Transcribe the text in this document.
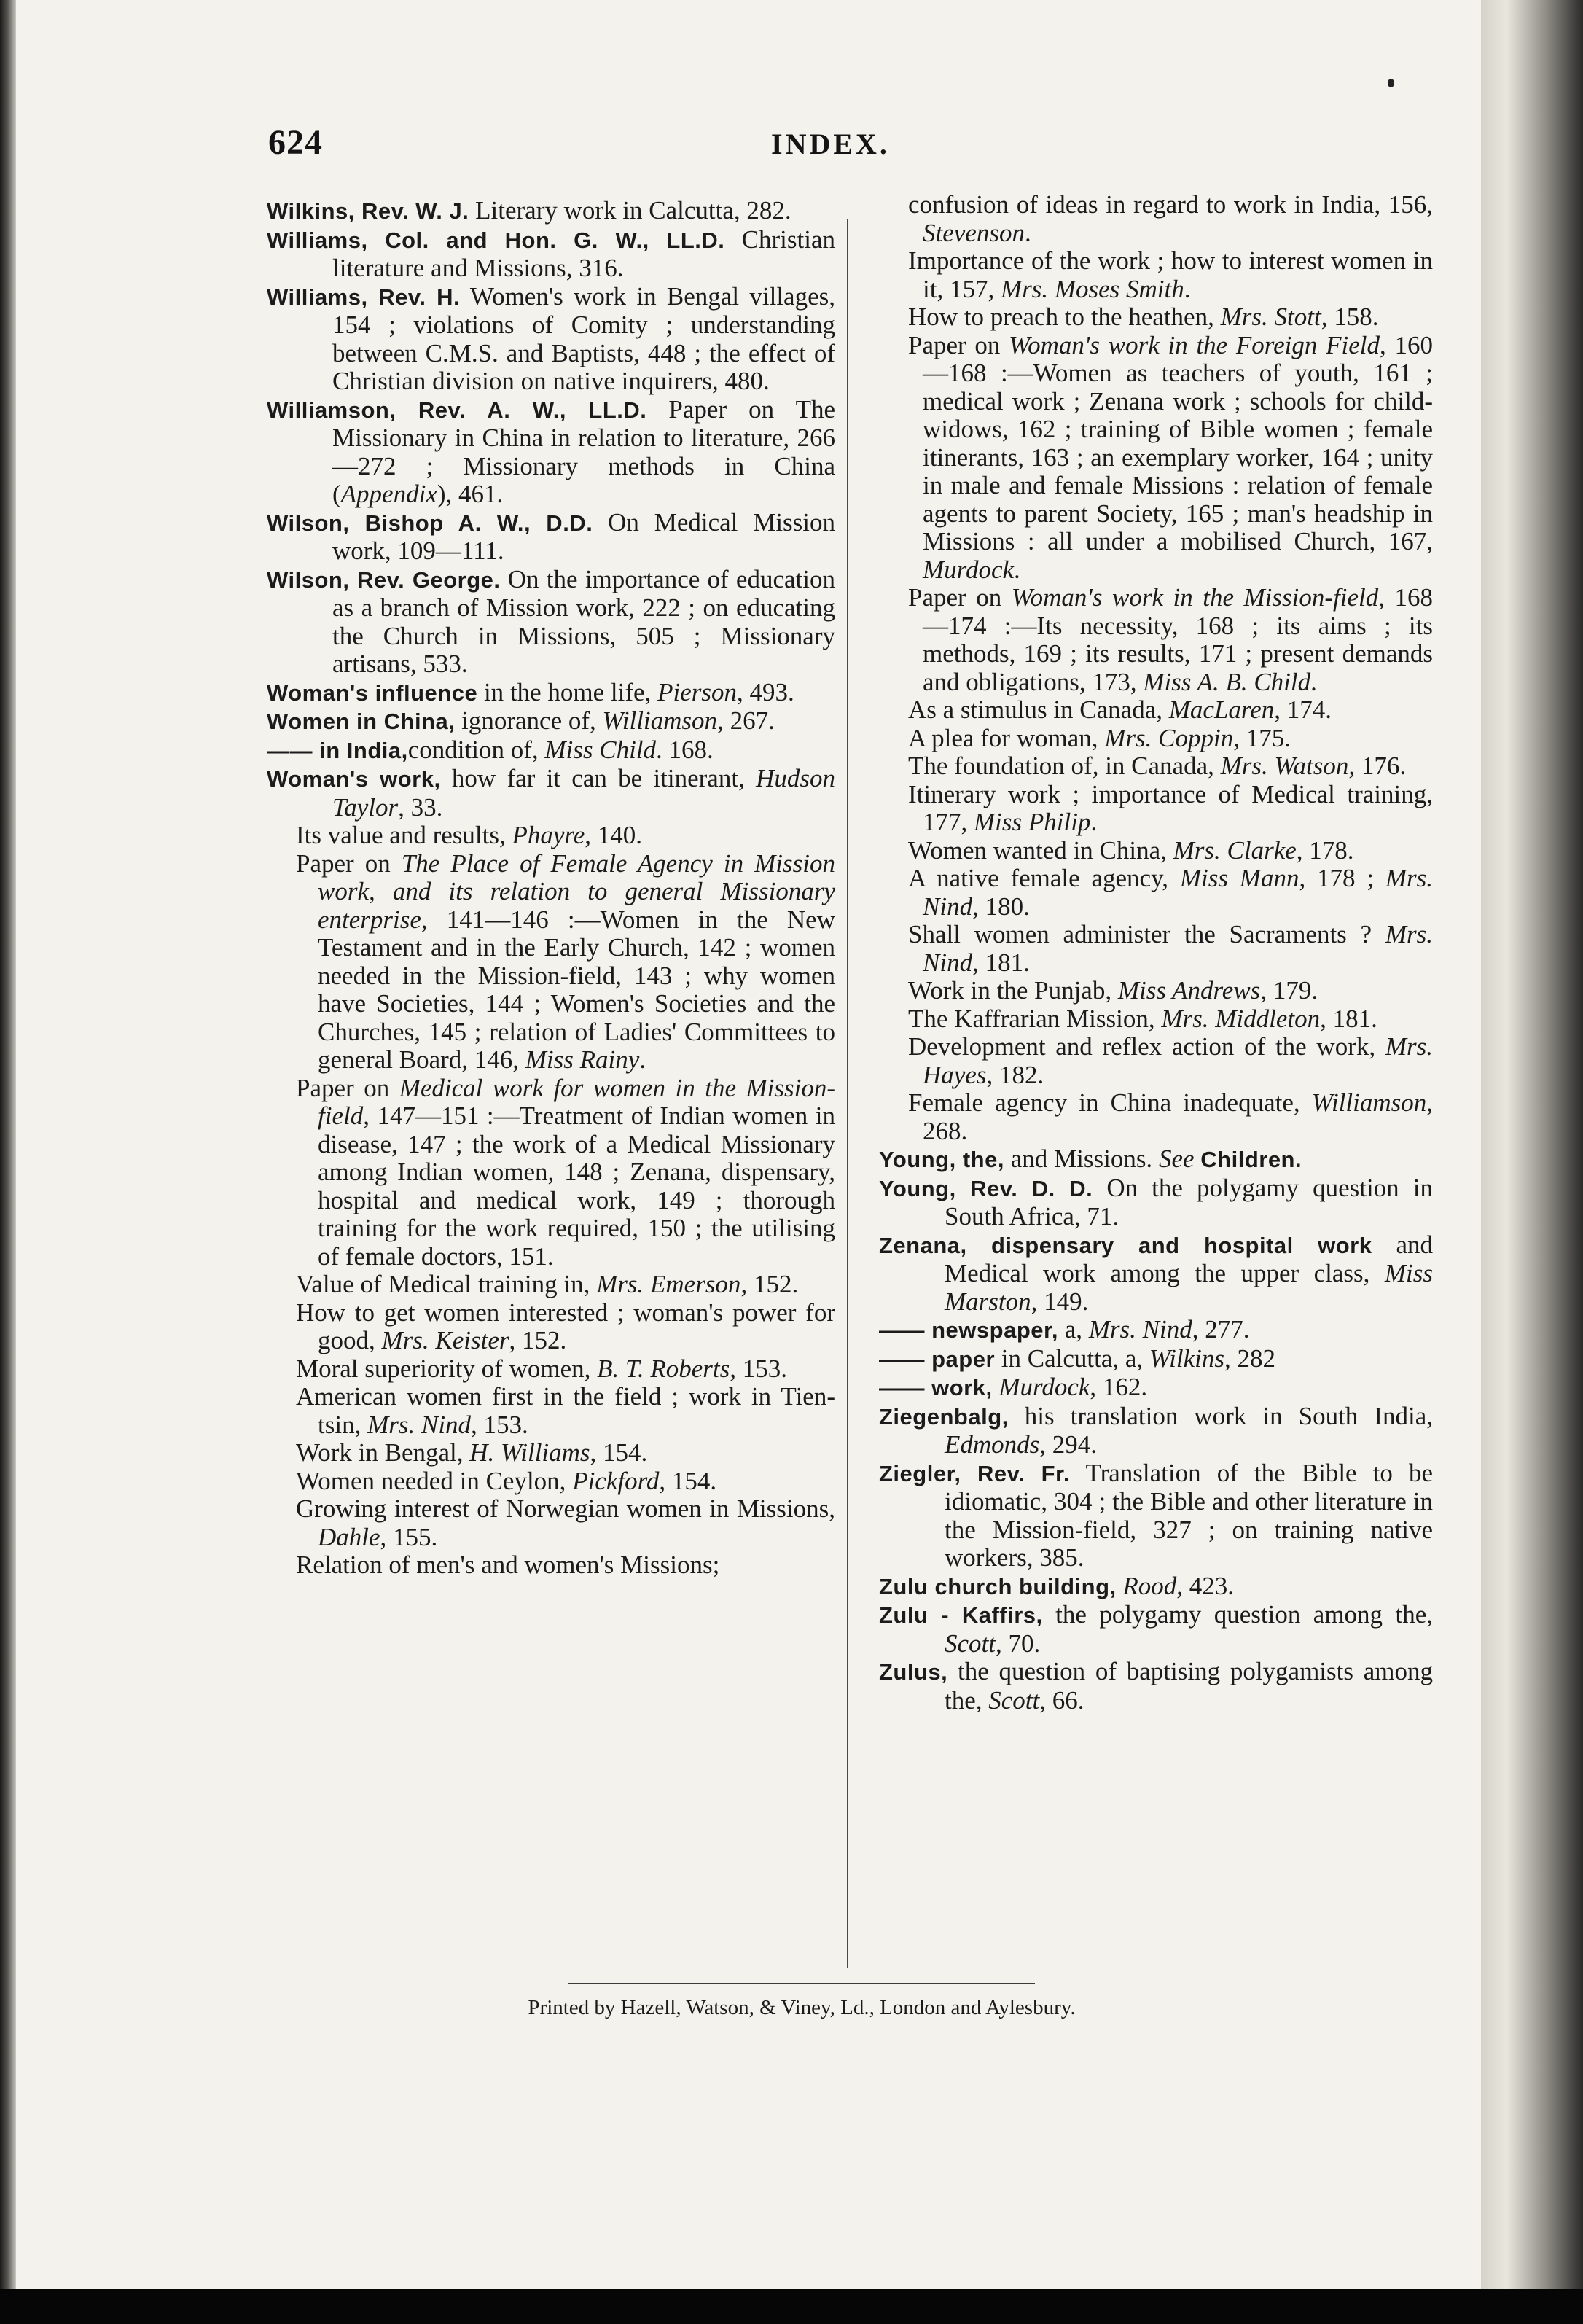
624	INDEX.

Wilkins, Rev. W. J. Literary work in Calcutta, 282.

Williams, Col. and Hon. G. W., LL.D. Christian literature and Missions, 316.

Williams, Rev. H. Women's work in Bengal villages, 154 ; violations of Comity ; understanding between C.M.S. and Baptists, 448 ; the effect of Christian division on native inquirers, 480.

Williamson, Rev. A. W., LL.D. Paper on The Missionary in China in relation to literature, 266—272 ; Missionary methods in China (Appendix), 461.

Wilson, Bishop A. W., D.D. On Medical Mission work, 109—111.

Wilson, Rev. George. On the importance of education as a branch of Mission work, 222 ; on educating the Church in Missions, 505 ; Missionary artisans, 533.

Woman's influence in the home life, Pierson, 493.

Women in China, ignorance of, Williamson, 267.

—— in India,condition of, Miss Child. 168.

Woman's work, how far it can be itinerant, Hudson Taylor, 33.

Its value and results, Phayre, 140.

Paper on The Place of Female Agency in Mission work, and its relation to general Missionary enterprise, 141—146 :—Women in the New Testament and in the Early Church, 142 ; women needed in the Mission-field, 143 ; why women have Societies, 144 ; Women's Societies and the Churches, 145 ; relation of Ladies' Committees to general Board, 146, Miss Rainy.

Paper on Medical work for women in the Mission-field, 147—151 :—Treatment of Indian women in disease, 147 ; the work of a Medical Missionary among Indian women, 148 ; Zenana, dispensary, hospital and medical work, 149 ; thorough training for the work required, 150 ; the utilising of female doctors, 151.

Value of Medical training in, Mrs. Emerson, 152.

How to get women interested ; woman's power for good, Mrs. Keister, 152.

Moral superiority of women, B. T. Roberts, 153.

American women first in the field ; work in Tien-tsin, Mrs. Nind, 153.

Work in Bengal, H. Williams, 154.

Women needed in Ceylon, Pickford, 154.

Growing interest of Norwegian women in Missions, Dahle, 155.

Relation of men's and women's Missions;

confusion of ideas in regard to work in India, 156, Stevenson.

Importance of the work ; how to interest women in it, 157, Mrs. Moses Smith.

How to preach to the heathen, Mrs. Stott, 158.

Paper on Woman's work in the Foreign Field, 160—168 :—Women as teachers of youth, 161 ; medical work ; Zenana work ; schools for child-widows, 162 ; training of Bible women ; female itinerants, 163 ; an exemplary worker, 164 ; unity in male and female Missions : relation of female agents to parent Society, 165 ; man's headship in Missions : all under a mobilised Church, 167, Murdock.

Paper on Woman's work in the Mission-field, 168—174 :—Its necessity, 168 ; its aims ; its methods, 169 ; its results, 171 ; present demands and obligations, 173, Miss A. B. Child.

As a stimulus in Canada, MacLaren, 174.

A plea for woman, Mrs. Coppin, 175.

The foundation of, in Canada, Mrs. Watson, 176.

Itinerary work ; importance of Medical training, 177, Miss Philip.

Women wanted in China, Mrs. Clarke, 178.

A native female agency, Miss Mann, 178 ; Mrs. Nind, 180.

Shall women administer the Sacraments ? Mrs. Nind, 181.

Work in the Punjab, Miss Andrews, 179.

The Kaffrarian Mission, Mrs. Middleton, 181.

Development and reflex action of the work, Mrs. Hayes, 182.

Female agency in China inadequate, Williamson, 268.

Young, the, and Missions. See Children.

Young, Rev. D. D. On the polygamy question in South Africa, 71.

Zenana, dispensary and hospital work and Medical work among the upper class, Miss Marston, 149.

—— newspaper, a, Mrs. Nind, 277.

—— paper in Calcutta, a, Wilkins, 282

—— work, Murdock, 162.

Ziegenbalg, his translation work in South India, Edmonds, 294.

Ziegler, Rev. Fr. Translation of the Bible to be idiomatic, 304 ; the Bible and other literature in the Mission-field, 327 ; on training native workers, 385.

Zulu church building, Rood, 423.

Zulu - Kaffirs, the polygamy question among the, Scott, 70.

Zulus, the question of baptising polygamists among the, Scott, 66.

Printed by Hazell, Watson, & Viney, Ld., London and Aylesbury.
